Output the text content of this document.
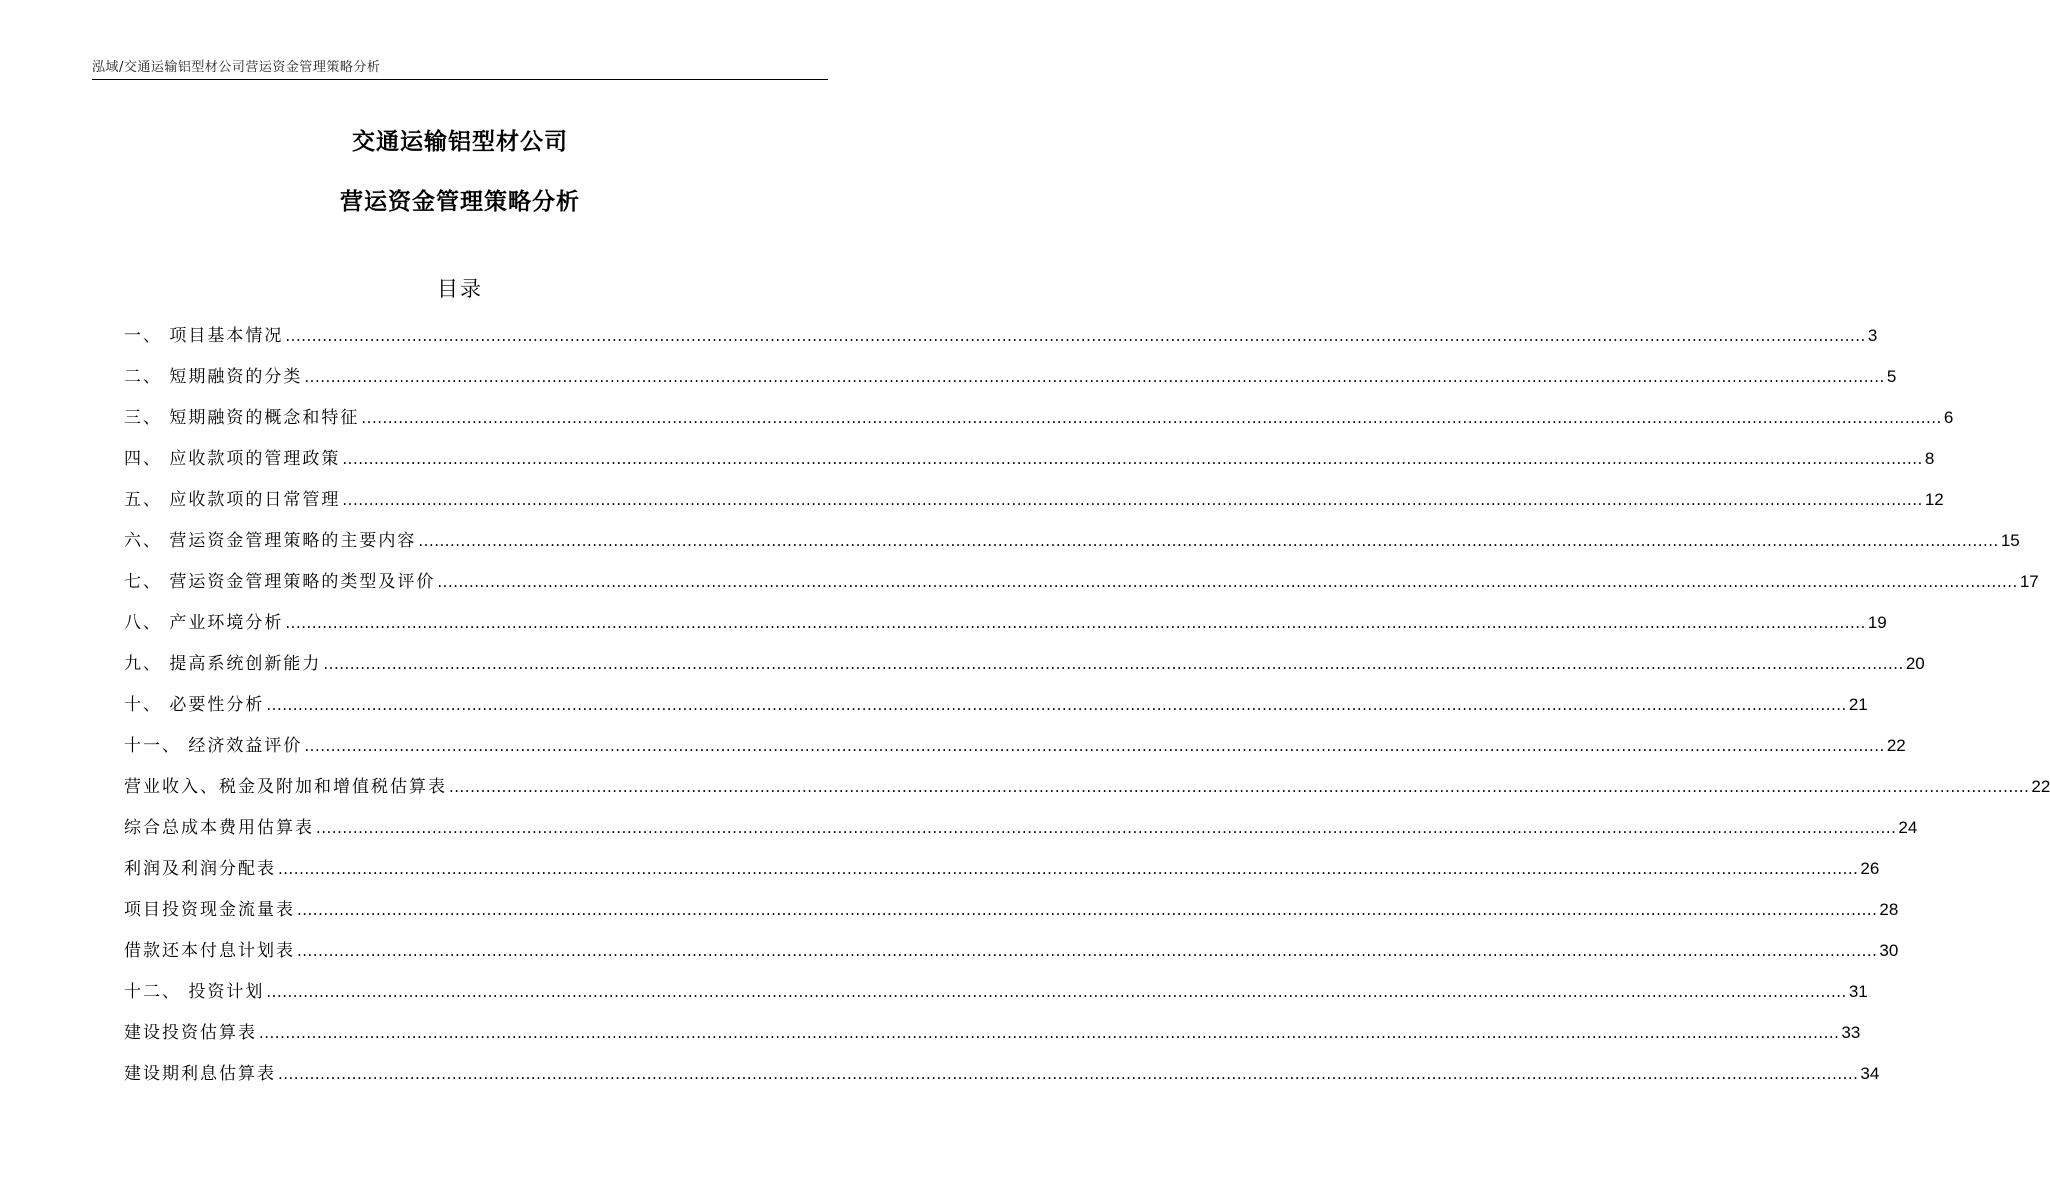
泓域/交通运输铝型材公司营运资金管理策略分析
交通运输铝型材公司
营运资金管理策略分析
目录
一、 项目基本情况 ............................................................................................................................................................................................................................................................................................................ 3
二、 短期融资的分类 ............................................................................................................................................................................................................................................................................................................ 5
三、 短期融资的概念和特征 ............................................................................................................................................................................................................................................................................................................ 6
四、 应收款项的管理政策 ............................................................................................................................................................................................................................................................................................................ 8
五、 应收款项的日常管理 ............................................................................................................................................................................................................................................................................................................ 12
六、 营运资金管理策略的主要内容 ............................................................................................................................................................................................................................................................................................................ 15
七、 营运资金管理策略的类型及评价 ............................................................................................................................................................................................................................................................................................................ 17
八、 产业环境分析 ............................................................................................................................................................................................................................................................................................................ 19
九、 提高系统创新能力 ............................................................................................................................................................................................................................................................................................................ 20
十、 必要性分析 ............................................................................................................................................................................................................................................................................................................ 21
十一、 经济效益评价 ............................................................................................................................................................................................................................................................................................................ 22
营业收入、税金及附加和增值税估算表 ............................................................................................................................................................................................................................................................................................................ 22
综合总成本费用估算表 ............................................................................................................................................................................................................................................................................................................ 24
利润及利润分配表 ............................................................................................................................................................................................................................................................................................................ 26
项目投资现金流量表 ............................................................................................................................................................................................................................................................................................................ 28
借款还本付息计划表 ............................................................................................................................................................................................................................................................................................................ 30
十二、 投资计划 ............................................................................................................................................................................................................................................................................................................ 31
建设投资估算表 ............................................................................................................................................................................................................................................................................................................ 33
建设期利息估算表 ............................................................................................................................................................................................................................................................................................................ 34
